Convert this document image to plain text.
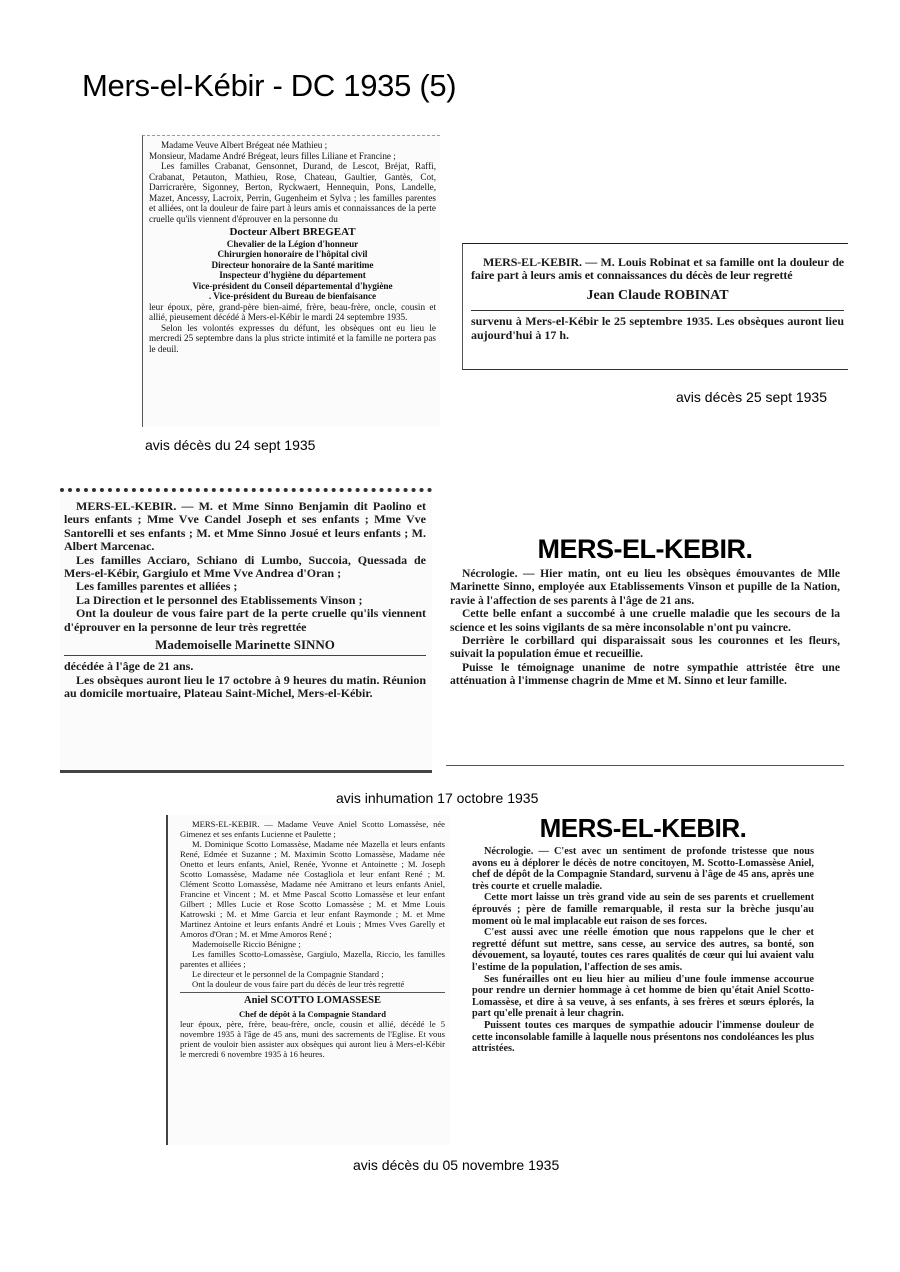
Mers-el-Kébir - DC 1935 (5)

Madame Veuve Albert Brégeat née Mathieu ;

Monsieur, Madame André Brégeat, leurs filles Liliane et Francine ;

Les familles Crabanat, Gensonnet, Durand, de Lescot, Bréjat, Raffi, Crabanat, Petauton, Mathieu, Rose, Chateau, Gaultier, Gantès, Cot, Darricrarère, Sigonney, Berton, Ryckwaert, Hennequin, Pons, Landelle, Mazet, Ancessy, Lacroix, Perrin, Gugenheim et Sylva ; les familles parentes et alliées, ont la douleur de faire part à leurs amis et connaissances de la perte cruelle qu'ils viennent d'éprouver en la personne du

Docteur Albert BREGEAT

Chevalier de la Légion d'honneur

Chirurgien honoraire de l'hôpital civil

Directeur honoraire de la Santé maritime

Inspecteur d'hygiène du département

Vice-président du Conseil départemental d'hygiène

. Vice-président du Bureau de bienfaisance

leur époux, père, grand-père bien-aimé, frère, beau-frère, oncle, cousin et allié, pieusement décédé à Mers-el-Kébir le mardi 24 septembre 1935.

Selon les volontés expresses du défunt, les obsèques ont eu lieu le mercredi 25 septembre dans la plus stricte intimité et la famille ne portera pas le deuil.

avis décès du 24 sept 1935

MERS-EL-KEBIR. — M. Louis Robinat et sa famille ont la douleur de faire part à leurs amis et connaissances du décès de leur regretté

Jean Claude ROBINAT

survenu à Mers-el-Kébir le 25 septembre 1935. Les obsèques auront lieu aujourd'hui à 17 h.

avis décès 25 sept 1935

MERS-EL-KEBIR. — M. et Mme Sinno Benjamin dit Paolino et leurs enfants ; Mme Vve Candel Joseph et ses enfants ; Mme Vve Santorelli et ses enfants ; M. et Mme Sinno Josué et leurs enfants ; M. Albert Marcenac.

Les familles Acciaro, Schiano di Lumbo, Succoia, Quessada de Mers-el-Kébir, Gargiulo et Mme Vve Andrea d'Oran ;

Les familles parentes et alliées ;

La Direction et le personnel des Etablissements Vinson ;

Ont la douleur de vous faire part de la perte cruelle qu'ils viennent d'éprouver en la personne de leur très regrettée

Mademoiselle Marinette SINNO

décédée à l'âge de 21 ans.

Les obsèques auront lieu le 17 octobre à 9 heures du matin. Réunion au domicile mortuaire, Plateau Saint-Michel, Mers-el-Kébir.

MERS-EL-KEBIR.

Nécrologie. — Hier matin, ont eu lieu les obsèques émouvantes de Mlle Marinette Sinno, employée aux Etablissements Vinson et pupille de la Nation, ravie à l'affection de ses parents à l'âge de 21 ans.

Cette belle enfant a succombé à une cruelle maladie que les secours de la science et les soins vigilants de sa mère inconsolable n'ont pu vaincre.

Derrière le corbillard qui disparaissait sous les couronnes et les fleurs, suivait la population émue et recueillie.

Puisse le témoignage unanime de notre sympathie attristée être une atténuation à l'immense chagrin de Mme et M. Sinno et leur famille.

avis inhumation 17 octobre 1935

MERS-EL-KEBIR. — Madame Veuve Aniel Scotto Lomassèse, née Gimenez et ses enfants Lucienne et Paulette ;

M. Dominique Scotto Lomassèse, Madame née Mazella et leurs enfants René, Edmée et Suzanne ; M. Maximin Scotto Lomassèse, Madame née Onetto et leurs enfants, Aniel, Renée, Yvonne et Antoinette ; M. Joseph Scotto Lomassèse, Madame née Costagliola et leur enfant René ; M. Clément Scotto Lomassèse, Madame née Amitrano et leurs enfants Aniel, Francine et Vincent ; M. et Mme Pascal Scotto Lomassèse et leur enfant Gilbert ; Mlles Lucie et Rose Scotto Lomassèse ; M. et Mme Louis Katrowski ; M. et Mme Garcia et leur enfant Raymonde ; M. et Mme Martinez Antoine et leurs enfants André et Louis ; Mmes Vves Garelly et Amoros d'Oran ; M. et Mme Amoros René ;

Mademoiselle Riccio Bénigne ;

Les familles Scotto-Lomassèse, Gargiulo, Mazella, Riccio, les familles parentes et alliées ;

Le directeur et le personnel de la Compagnie Standard ;

Ont la douleur de vous faire part du décès de leur très regretté

Aniel SCOTTO LOMASSESE

Chef de dépôt à la Compagnie Standard

leur époux, père, frère, beau-frère, oncle, cousin et allié, décédé le 5 novembre 1935 à l'âge de 45 ans, muni des sacrements de l'Eglise. Et vous prient de vouloir bien assister aux obsèques qui auront lieu à Mers-el-Kébir le mercredi 6 novembre 1935 à 16 heures.

MERS-EL-KEBIR.

Nécrologie. — C'est avec un sentiment de profonde tristesse que nous avons eu à déplorer le décès de notre concitoyen, M. Scotto-Lomassèse Aniel, chef de dépôt de la Compagnie Standard, survenu à l'âge de 45 ans, après une très courte et cruelle maladie.

Cette mort laisse un très grand vide au sein de ses parents et cruellement éprouvés ; père de famille remarquable, il resta sur la brèche jusqu'au moment où le mal implacable eut raison de ses forces.

C'est aussi avec une réelle émotion que nous rappelons que le cher et regretté défunt sut mettre, sans cesse, au service des autres, sa bonté, son dévouement, sa loyauté, toutes ces rares qualités de cœur qui lui avaient valu l'estime de la population, l'affection de ses amis.

Ses funérailles ont eu lieu hier au milieu d'une foule immense accourue pour rendre un dernier hommage à cet homme de bien qu'était Aniel Scotto-Lomassèse, et dire à sa veuve, à ses enfants, à ses frères et sœurs éplorés, la part qu'elle prenait à leur chagrin.

Puissent toutes ces marques de sympathie adoucir l'immense douleur de cette inconsolable famille à laquelle nous présentons nos condoléances les plus attristées.

avis décès du 05 novembre 1935
